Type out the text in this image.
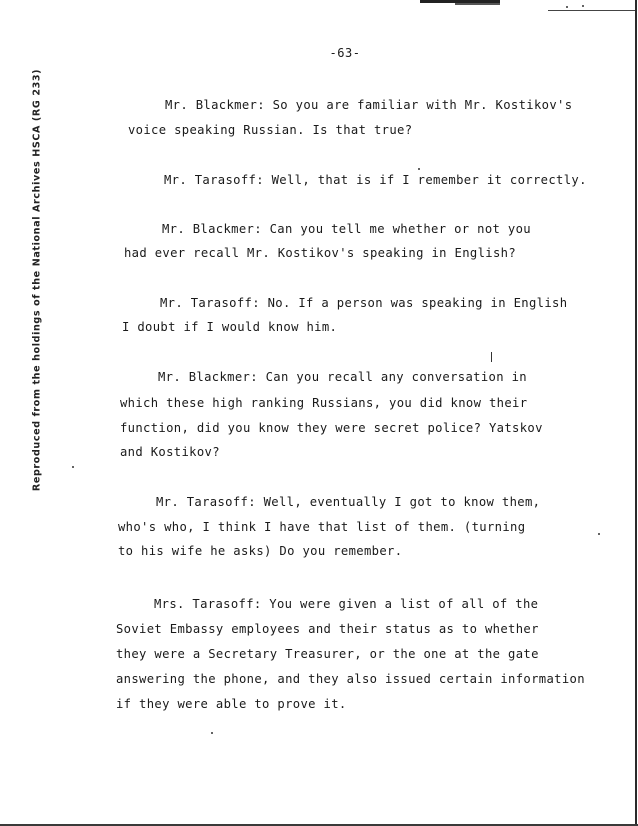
-63-
Reproduced from the holdings of the National Archives HSCA (RG 233)	Mr. Blackmer: So you are familiar with Mr. Kostikov's
voice speaking Russian. Is that true?
Mr. Tarasoff: Well, that is if I remember it correctly.
Mr. Blackmer: Can you tell me whether or not you
had ever recall Mr. Kostikov's speaking in English?
Mr. Tarasoff: No. If a person was speaking in English
I doubt if I would know him.
Mr. Blackmer: Can you recall any conversation in
which these high ranking Russians, you did know their
function, did you know they were secret police? Yatskov
and Kostikov?
Mr. Tarasoff: Well, eventually I got to know them,
who's who, I think I have that list of them. (turning
to his wife he asks) Do you remember.
Mrs. Tarasoff: You were given a list of all of the
Soviet Embassy employees and their status as to whether
they were a Secretary Treasurer, or the one at the gate
answering the phone, and they also issued certain information
if they were able to prove it.
